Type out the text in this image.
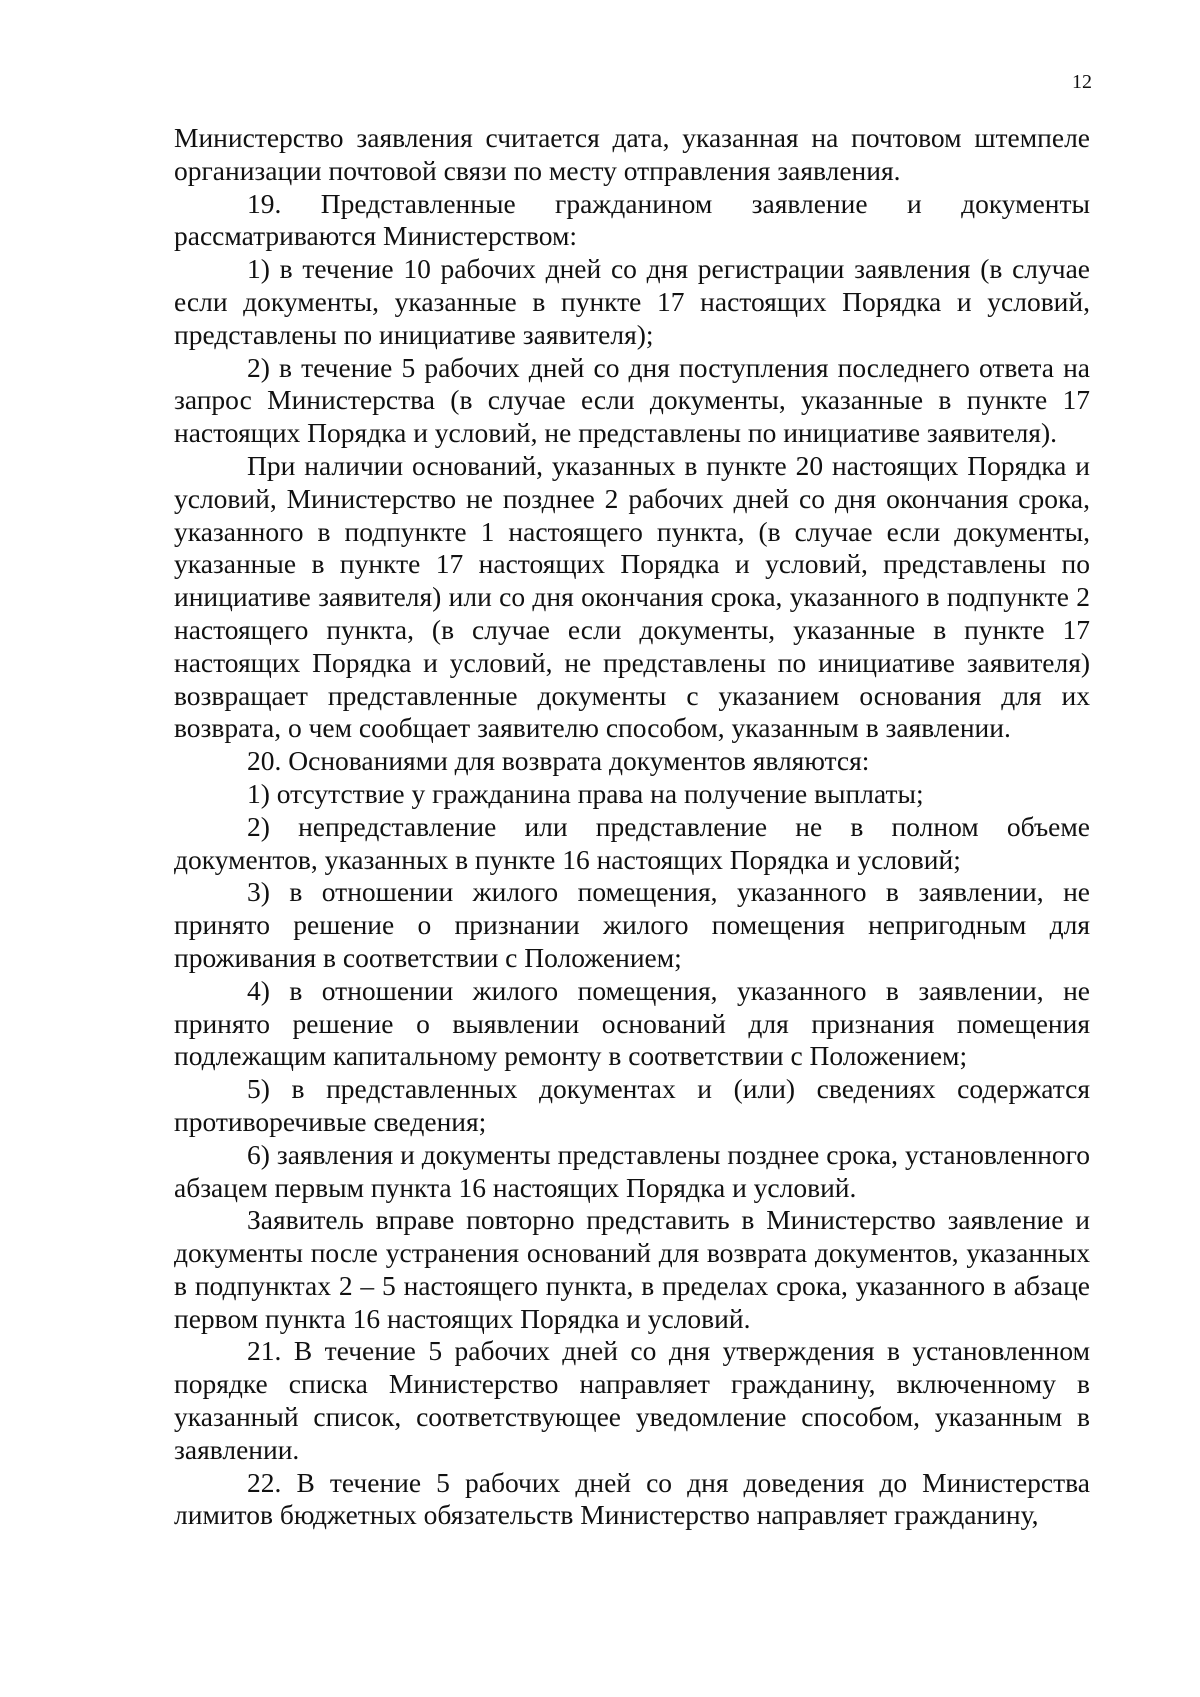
12

Министерство заявления считается дата, указанная на почтовом штемпеле организации почтовой связи по месту отправления заявления.

19. Представленные гражданином заявление и документы рассматриваются Министерством:

1) в течение 10 рабочих дней со дня регистрации заявления (в случае если документы, указанные в пункте 17 настоящих Порядка и условий, представлены по инициативе заявителя);

2) в течение 5 рабочих дней со дня поступления последнего ответа на запрос Министерства (в случае если документы, указанные в пункте 17 настоящих Порядка и условий, не представлены по инициативе заявителя).

При наличии оснований, указанных в пункте 20 настоящих Порядка и условий, Министерство не позднее 2 рабочих дней со дня окончания срока, указанного в подпункте 1 настоящего пункта, (в случае если документы, указанные в пункте 17 настоящих Порядка и условий, представлены по инициативе заявителя) или со дня окончания срока, указанного в подпункте 2 настоящего пункта, (в случае если документы, указанные в пункте 17 настоящих Порядка и условий, не представлены по инициативе заявителя) возвращает представленные документы с указанием основания для их возврата, о чем сообщает заявителю способом, указанным в заявлении.

20. Основаниями для возврата документов являются:

1) отсутствие у гражданина права на получение выплаты;

2) непредставление или представление не в полном объеме документов, указанных в пункте 16 настоящих Порядка и условий;

3) в отношении жилого помещения, указанного в заявлении, не принято решение о признании жилого помещения непригодным для проживания в соответствии с Положением;

4) в отношении жилого помещения, указанного в заявлении, не принято решение о выявлении оснований для признания помещения подлежащим капитальному ремонту в соответствии с Положением;

5) в представленных документах и (или) сведениях содержатся противоречивые сведения;

6) заявления и документы представлены позднее срока, установленного абзацем первым пункта 16 настоящих Порядка и условий.

Заявитель вправе повторно представить в Министерство заявление и документы после устранения оснований для возврата документов, указанных в подпунктах 2 – 5 настоящего пункта, в пределах срока, указанного в абзаце первом пункта 16 настоящих Порядка и условий.

21. В течение 5 рабочих дней со дня утверждения в установленном порядке списка Министерство направляет гражданину, включенному в указанный список, соответствующее уведомление способом, указанным в заявлении.

22. В течение 5 рабочих дней со дня доведения до Министерства лимитов бюджетных обязательств Министерство направляет гражданину,
